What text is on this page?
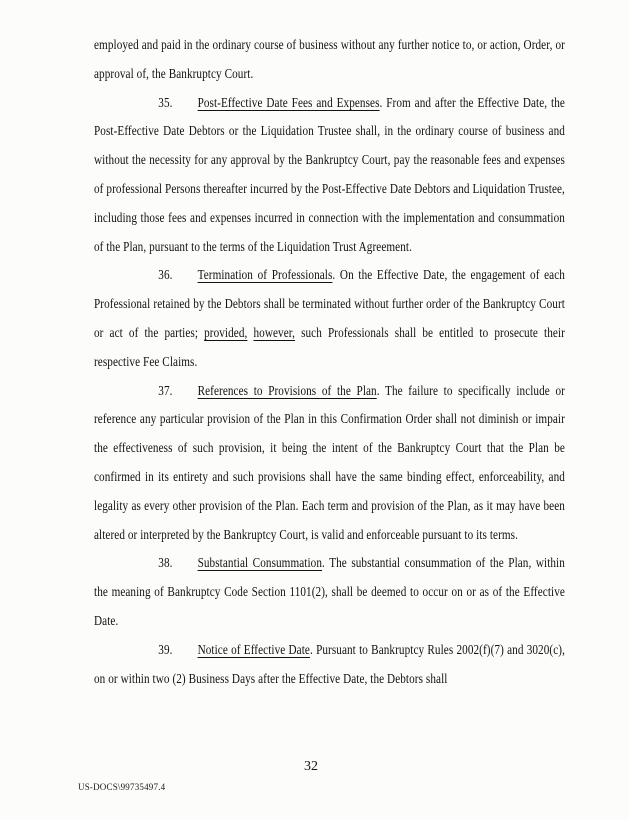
employed and paid in the ordinary course of business without any further notice to, or action, Order, or approval of, the Bankruptcy Court.

35. Post-Effective Date Fees and Expenses. From and after the Effective Date, the Post-Effective Date Debtors or the Liquidation Trustee shall, in the ordinary course of business and without the necessity for any approval by the Bankruptcy Court, pay the reasonable fees and expenses of professional Persons thereafter incurred by the Post-Effective Date Debtors and Liquidation Trustee, including those fees and expenses incurred in connection with the implementation and consummation of the Plan, pursuant to the terms of the Liquidation Trust Agreement.

36. Termination of Professionals. On the Effective Date, the engagement of each Professional retained by the Debtors shall be terminated without further order of the Bankruptcy Court or act of the parties; provided, however, such Professionals shall be entitled to prosecute their respective Fee Claims.

37. References to Provisions of the Plan. The failure to specifically include or reference any particular provision of the Plan in this Confirmation Order shall not diminish or impair the effectiveness of such provision, it being the intent of the Bankruptcy Court that the Plan be confirmed in its entirety and such provisions shall have the same binding effect, enforceability, and legality as every other provision of the Plan. Each term and provision of the Plan, as it may have been altered or interpreted by the Bankruptcy Court, is valid and enforceable pursuant to its terms.

38. Substantial Consummation. The substantial consummation of the Plan, within the meaning of Bankruptcy Code Section 1101(2), shall be deemed to occur on or as of the Effective Date.

39. Notice of Effective Date. Pursuant to Bankruptcy Rules 2002(f)(7) and 3020(c), on or within two (2) Business Days after the Effective Date, the Debtors shall

32
US-DOCS\99735497.4
